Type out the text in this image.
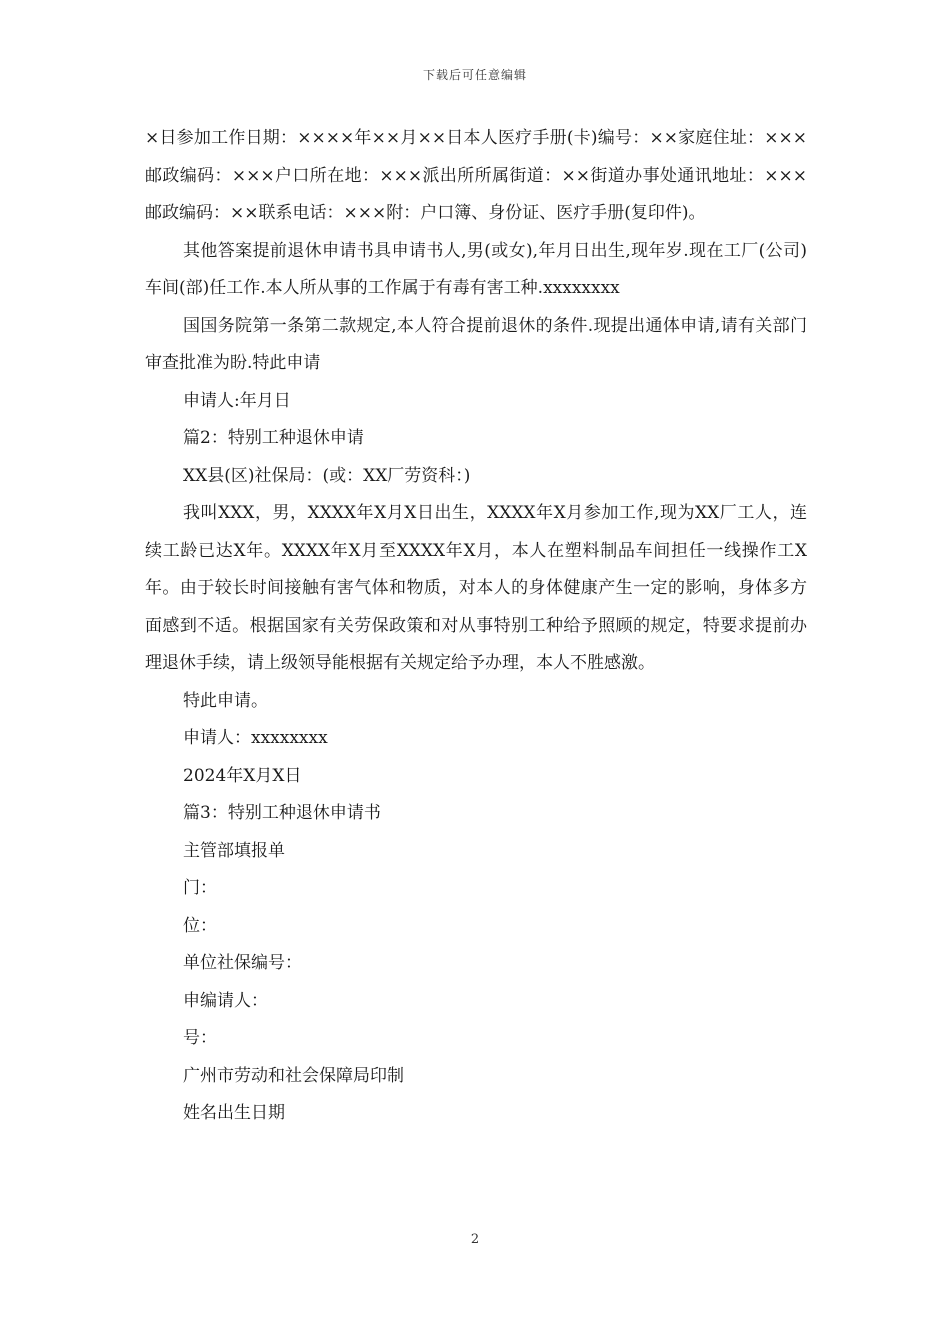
下载后可任意编辑

×日参加工作日期：××××年××月××日本人医疗手册(卡)编号：××家庭住址：×××邮政编码：×××户口所在地：×××派出所所属街道：××街道办事处通讯地址：×××邮政编码：××联系电话：×××附：户口簿、身份证、医疗手册(复印件)。

其他答案提前退休申请书具申请书人,男(或女),年月日出生,现年岁.现在工厂(公司)车间(部)任工作.本人所从事的工作属于有毒有害工种.xxxxxxxx

国国务院第一条第二款规定,本人符合提前退休的条件.现提出通体申请,请有关部门审查批准为盼.特此申请

申请人:年月日

篇2：特别工种退休申请

XX县(区)社保局：(或：XX厂劳资科：)

我叫XXX，男，XXXX年X月X日出生，XXXX年X月参加工作,现为XX厂工人，连续工龄已达X年。XXXX年X月至XXXX年X月，本人在塑料制品车间担任一线操作工X年。由于较长时间接触有害气体和物质，对本人的身体健康产生一定的影响，身体多方面感到不适。根据国家有关劳保政策和对从事特别工种给予照顾的规定，特要求提前办理退休手续，请上级领导能根据有关规定给予办理，本人不胜感激。

特此申请。

申请人：xxxxxxxx

2024年X月X日

篇3：特别工种退休申请书

主管部填报单

门：

位：

单位社保编号：

申编请人：

号：

广州市劳动和社会保障局印制

姓名出生日期

2
